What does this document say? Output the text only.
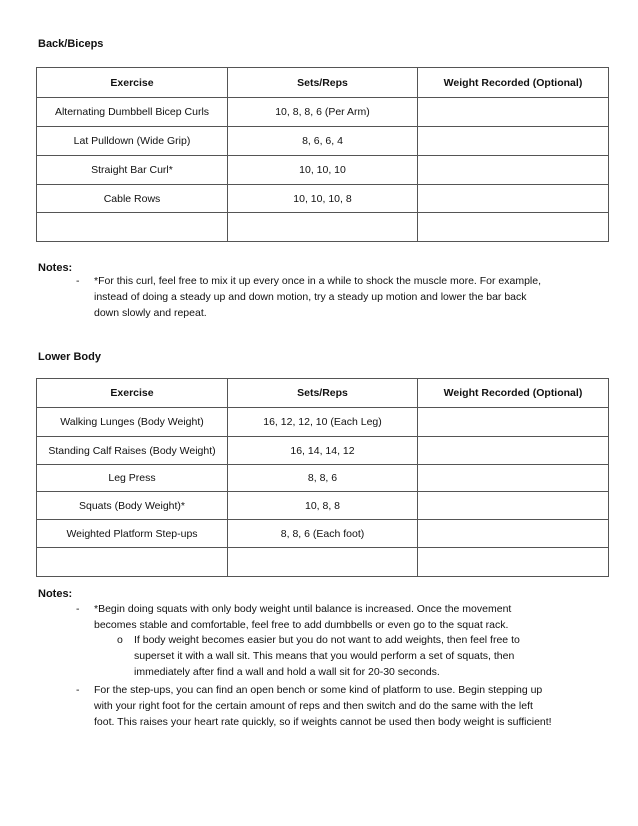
Back/Biceps
Exercise	Sets/Reps	Weight Recorded (Optional)
Alternating Dumbbell Bicep Curls	10, 8, 8, 6 (Per Arm)	
Lat Pulldown (Wide Grip)	8, 6, 6, 4	
Straight Bar Curl*	10, 10, 10	
Cable Rows	10, 10, 10, 8	

Notes:
- *For this curl, feel free to mix it up every once in a while to shock the muscle more. For example,
instead of doing a steady up and down motion, try a steady up motion and lower the bar back
down slowly and repeat.
Lower Body
Exercise	Sets/Reps	Weight Recorded (Optional)
Walking Lunges (Body Weight)	16, 12, 12, 10 (Each Leg)	
Standing Calf Raises (Body Weight)	16, 14, 14, 12	
Leg Press	8, 8, 6	
Squats (Body Weight)*	10, 8, 8	
Weighted Platform Step-ups	8, 8, 6 (Each foot)	

Notes:
- *Begin doing squats with only body weight until balance is increased. Once the movement
becomes stable and comfortable, feel free to add dumbbells or even go to the squat rack.
o If body weight becomes easier but you do not want to add weights, then feel free to
superset it with a wall sit. This means that you would perform a set of squats, then
immediately after find a wall and hold a wall sit for 20-30 seconds.
- For the step-ups, you can find an open bench or some kind of platform to use. Begin stepping up
with your right foot for the certain amount of reps and then switch and do the same with the left
foot. This raises your heart rate quickly, so if weights cannot be used then body weight is sufficient!
